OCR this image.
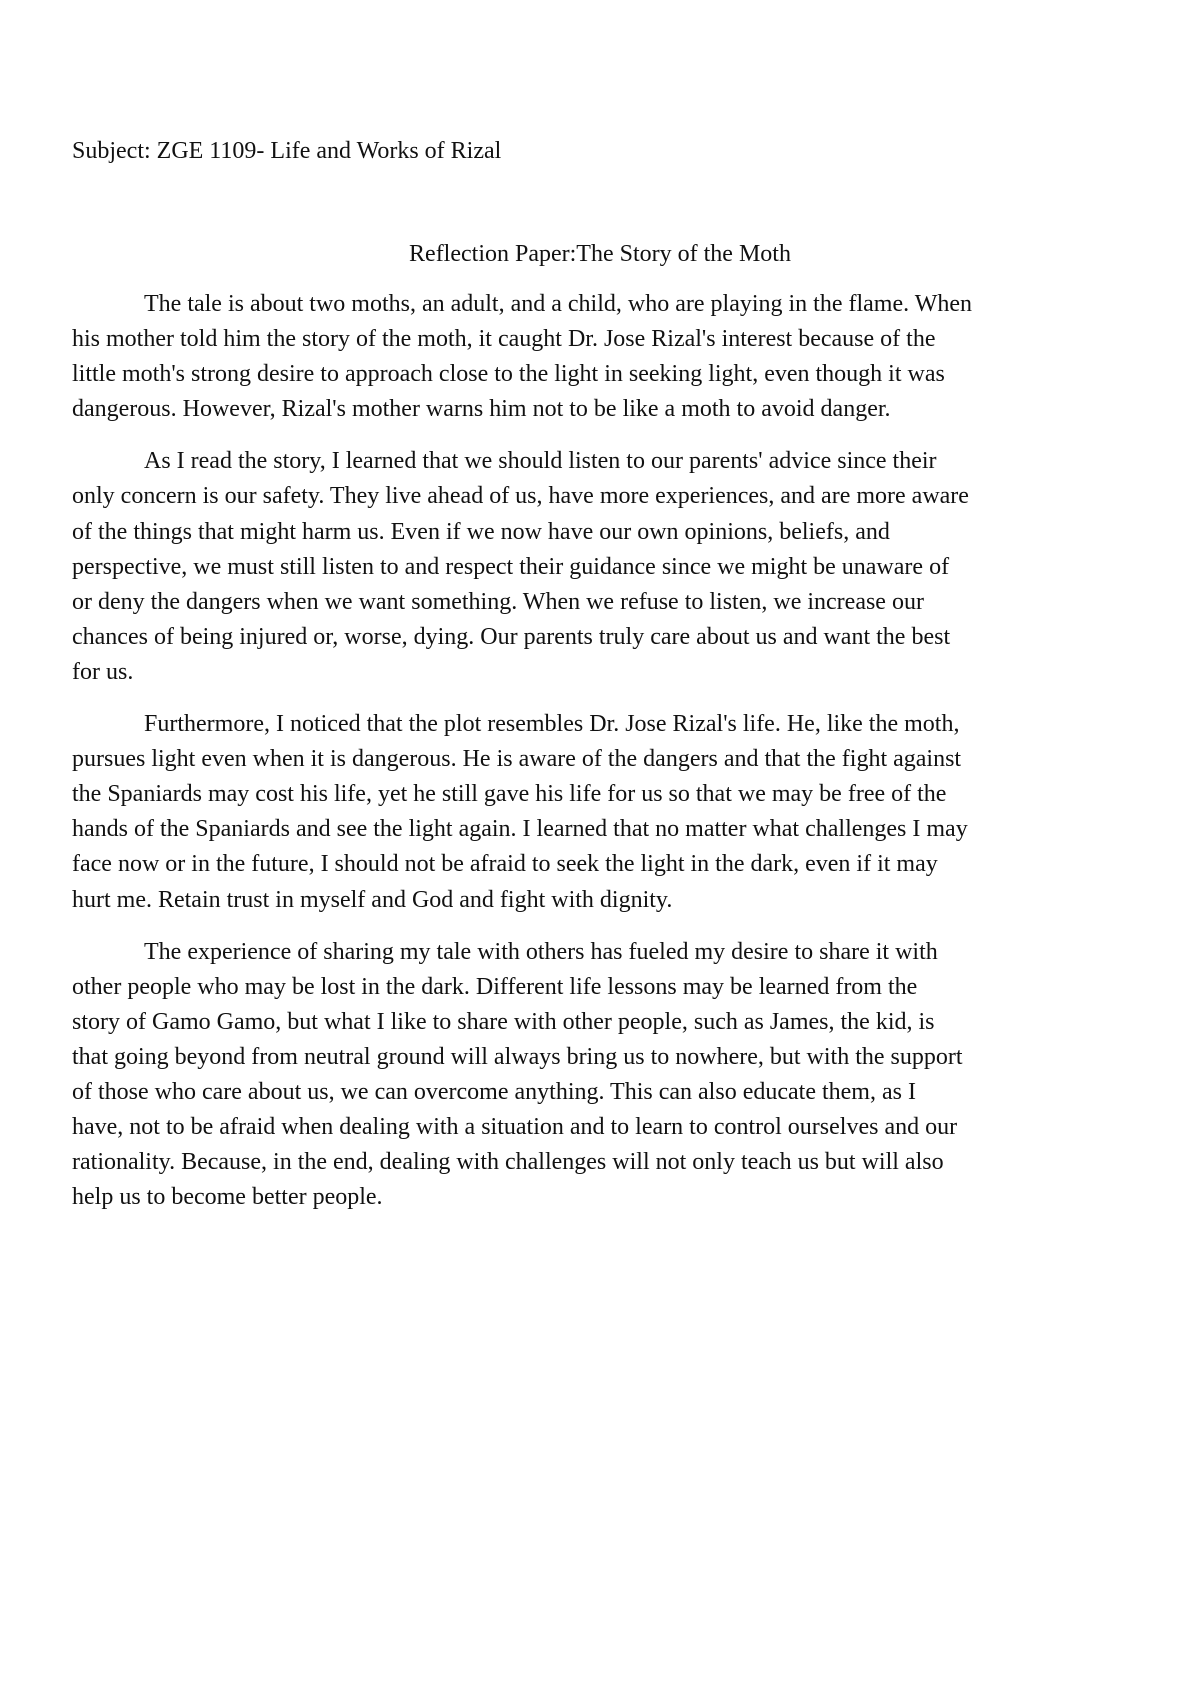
Subject: ZGE 1109- Life and Works of Rizal
Reflection Paper:The Story of the Moth
The tale is about two moths, an adult, and a child, who are playing in the flame. When
his mother told him the story of the moth, it caught Dr. Jose Rizal's interest because of the
little moth's strong desire to approach close to the light in seeking light, even though it was
dangerous. However, Rizal's mother warns him not to be like a moth to avoid danger.
As I read the story, I learned that we should listen to our parents' advice since their
only concern is our safety. They live ahead of us, have more experiences, and are more aware
of the things that might harm us. Even if we now have our own opinions, beliefs, and
perspective, we must still listen to and respect their guidance since we might be unaware of
or deny the dangers when we want something. When we refuse to listen, we increase our
chances of being injured or, worse, dying. Our parents truly care about us and want the best
for us.
Furthermore, I noticed that the plot resembles Dr. Jose Rizal's life. He, like the moth,
pursues light even when it is dangerous. He is aware of the dangers and that the fight against
the Spaniards may cost his life, yet he still gave his life for us so that we may be free of the
hands of the Spaniards and see the light again. I learned that no matter what challenges I may
face now or in the future, I should not be afraid to seek the light in the dark, even if it may
hurt me. Retain trust in myself and God and fight with dignity.
The experience of sharing my tale with others has fueled my desire to share it with
other people who may be lost in the dark. Different life lessons may be learned from the
story of Gamo Gamo, but what I like to share with other people, such as James, the kid, is
that going beyond from neutral ground will always bring us to nowhere, but with the support
of those who care about us, we can overcome anything. This can also educate them, as I
have, not to be afraid when dealing with a situation and to learn to control ourselves and our
rationality. Because, in the end, dealing with challenges will not only teach us but will also
help us to become better people.
